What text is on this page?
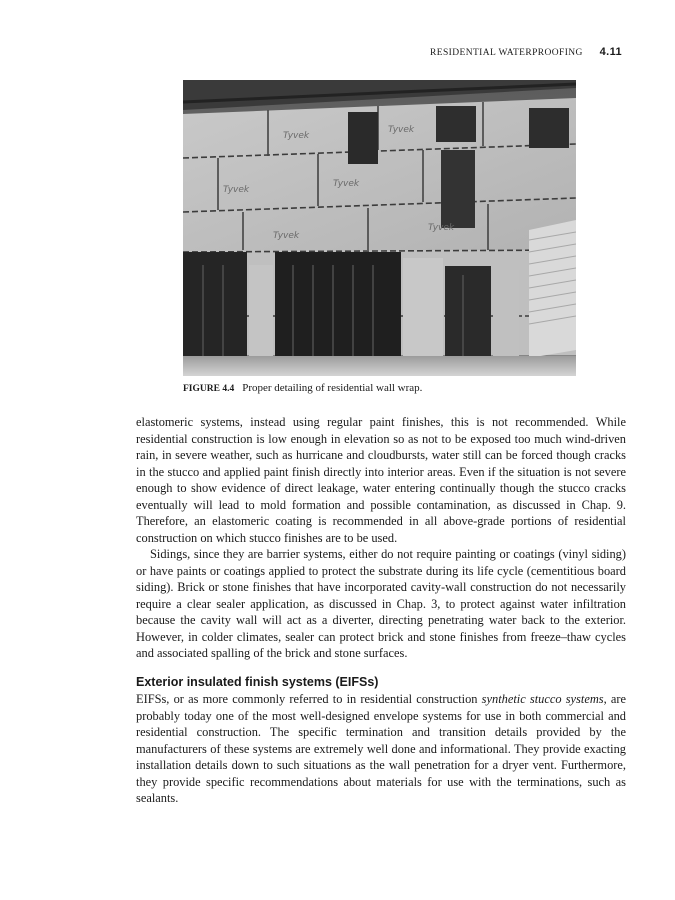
RESIDENTIAL WATERPROOFING 4.11
Tyvek
Tyvek
Tyvek
Tyvek
Tyvek
Tyvek
FIGURE 4.4 Proper detailing of residential wall wrap.

elastomeric systems, instead using regular paint finishes, this is not recommended. While residential construction is low enough in elevation so as not to be exposed too much wind-driven rain, in severe weather, such as hurricane and cloudbursts, water still can be forced though cracks in the stucco and applied paint finish directly into interior areas. Even if the situation is not severe enough to show evidence of direct leakage, water entering continually though the stucco cracks eventually will lead to mold formation and possible contamination, as discussed in Chap. 9. Therefore, an elastomeric coating is recommended in all above-grade portions of residential construction on which stucco finishes are to be used.

Sidings, since they are barrier systems, either do not require painting or coatings (vinyl siding) or have paints or coatings applied to protect the substrate during its life cycle (cementitious board siding). Brick or stone finishes that have incorporated cavity-wall construction do not necessarily require a clear sealer application, as discussed in Chap. 3, to protect against water infiltration because the cavity wall will act as a diverter, directing penetrating water back to the exterior. However, in colder climates, sealer can protect brick and stone finishes from freeze–thaw cycles and associated spalling of the brick and stone surfaces.

Exterior insulated finish systems (EIFSs)

EIFSs, or as more commonly referred to in residential construction synthetic stucco systems, are probably today one of the most well-designed envelope systems for use in both commercial and residential construction. The specific termination and transition details provided by the manufacturers of these systems are extremely well done and informational. They provide exacting installation details down to such situations as the wall penetration for a dryer vent. Furthermore, they provide specific recommendations about materials for use with the terminations, such as sealants.
